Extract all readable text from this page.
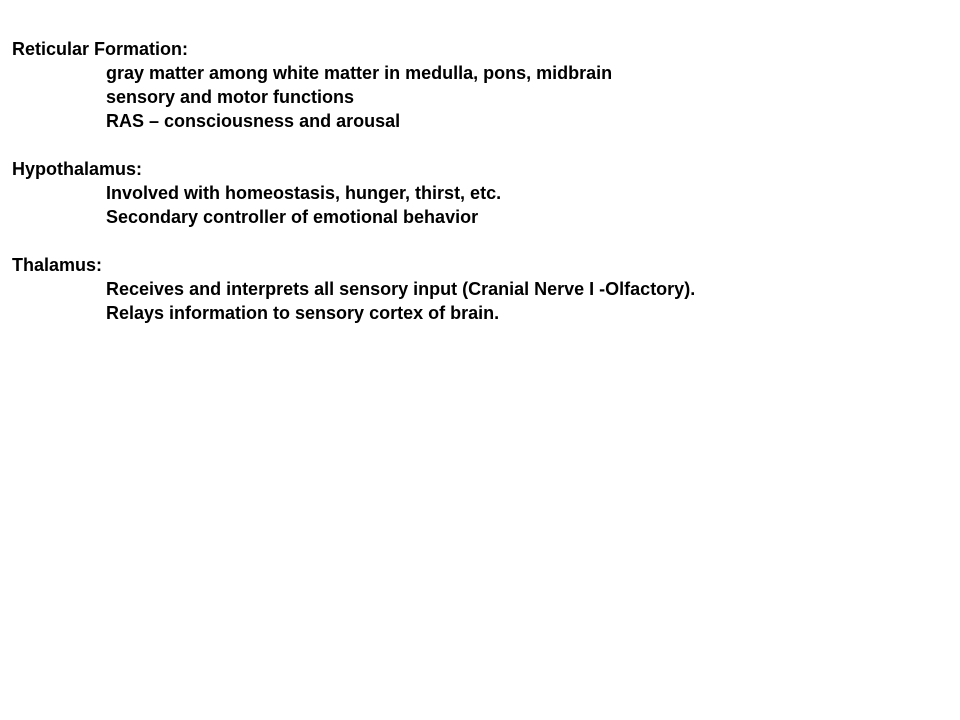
Reticular Formation:
gray matter among white matter in medulla, pons, midbrain
sensory and motor functions
RAS – consciousness and arousal
Hypothalamus:
Involved with homeostasis, hunger, thirst, etc.
Secondary controller of emotional behavior
Thalamus:
Receives and interprets all sensory input (Cranial Nerve I -Olfactory).
Relays information to sensory cortex of brain.
